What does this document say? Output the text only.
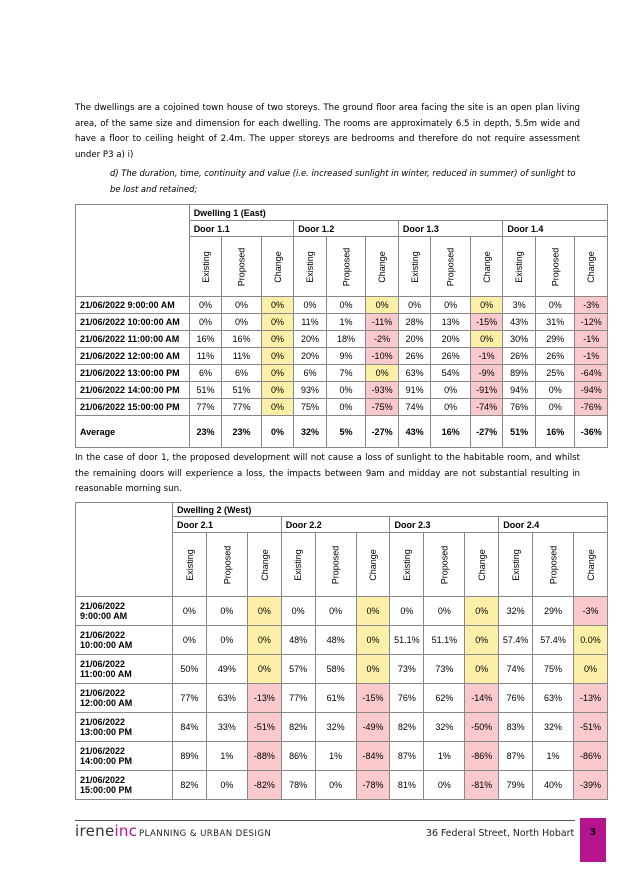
The dwellings are a cojoined town house of two storeys. The ground floor area facing the site is an open plan living area, of the same size and dimension for each dwelling. The rooms are approximately 6.5 in depth, 5.5m wide and have a floor to ceiling height of 2.4m. The upper storeys are bedrooms and therefore do not require assessment under P3 a) i)
d) The duration, time, continuity and value (i.e. increased sunlight in winter, reduced in summer) of sunlight to be lost and retained;
	Dwelling 1 (East)											
	Door 1.1			Door 1.2			Door 1.3			Door 1.4		
	Existing	Proposed	Change	Existing	Proposed	Change	Existing	Proposed	Change	Existing	Proposed	Change
21/06/2022 9:00:00 AM	0%	0%	0%	0%	0%	0%	0%	0%	0%	3%	0%	-3%
21/06/2022 10:00:00 AM	0%	0%	0%	11%	1%	-11%	28%	13%	-15%	43%	31%	-12%
21/06/2022 11:00:00 AM	16%	16%	0%	20%	18%	-2%	20%	20%	0%	30%	29%	-1%
21/06/2022 12:00:00 AM	11%	11%	0%	20%	9%	-10%	26%	26%	-1%	26%	26%	-1%
21/06/2022 13:00:00 PM	6%	6%	0%	6%	7%	0%	63%	54%	-9%	89%	25%	-64%
21/06/2022 14:00:00 PM	51%	51%	0%	93%	0%	-93%	91%	0%	-91%	94%	0%	-94%
21/06/2022 15:00:00 PM	77%	77%	0%	75%	0%	-75%	74%	0%	-74%	76%	0%	-76%
Average	23%	23%	0%	32%	5%	-27%	43%	16%	-27%	51%	16%	-36%
In the case of door 1, the proposed development will not cause a loss of sunlight to the habitable room, and whilst the remaining doors will experience a loss, the impacts between 9am and midday are not substantial resulting in reasonable morning sun.
	Dwelling 2 (West)											
	Door 2.1			Door 2.2			Door 2.3			Door 2.4		
	Existing	Proposed	Change	Existing	Proposed	Change	Existing	Proposed	Change	Existing	Proposed	Change

21/06/2022
9:00:00 AM	0%	0%	0%	0%	0%	0%	0%	0%	0%	32%	29%	-3%

21/06/2022
10:00:00 AM	0%	0%	0%	48%	48%	0%	51.1%	51.1%	0%	57.4%	57.4%	0.0%

21/06/2022
11:00:00 AM	50%	49%	0%	57%	58%	0%	73%	73%	0%	74%	75%	0%

21/06/2022
12:00:00 AM	77%	63%	-13%	77%	61%	-15%	76%	62%	-14%	76%	63%	-13%

21/06/2022
13:00:00 PM	84%	33%	-51%	82%	32%	-49%	82%	32%	-50%	83%	32%	-51%

21/06/2022
14:00:00 PM	89%	1%	-88%	86%	1%	-84%	87%	1%	-86%	87%	1%	-86%

21/06/2022
15:00:00 PM	82%	0%	-82%	78%	0%	-78%	81%	0%	-81%	79%	40%	-39%
ireneinc PLANNING & URBAN DESIGN	36 Federal Street, North Hobart	3
